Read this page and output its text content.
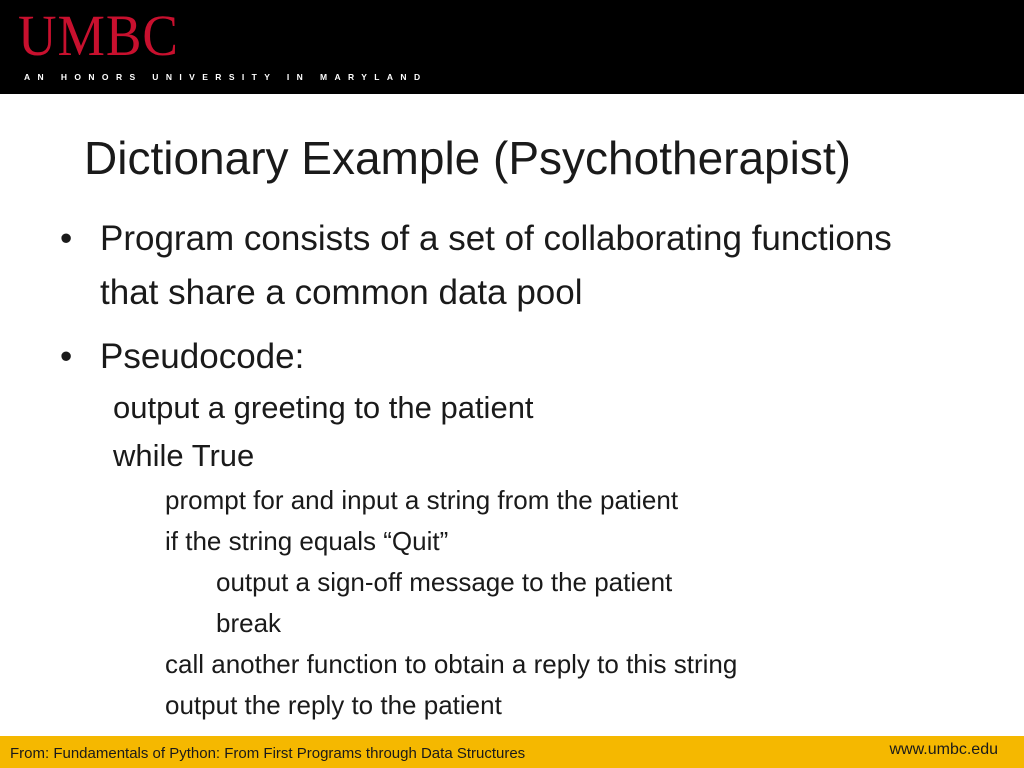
UMBC
AN HONORS UNIVERSITY IN MARYLAND
Dictionary Example (Psychotherapist)
• Program consists of a set of collaborating functions that share a common data pool
• Pseudocode:
output a greeting to the patient
while True
prompt for and input a string from the patient
if the string equals “Quit”
output a sign-off message to the patient
break
call another function to obtain a reply to this string
output the reply to the patient
From: Fundamentals of Python: From First Programs through Data Structures	www.umbc.edu
